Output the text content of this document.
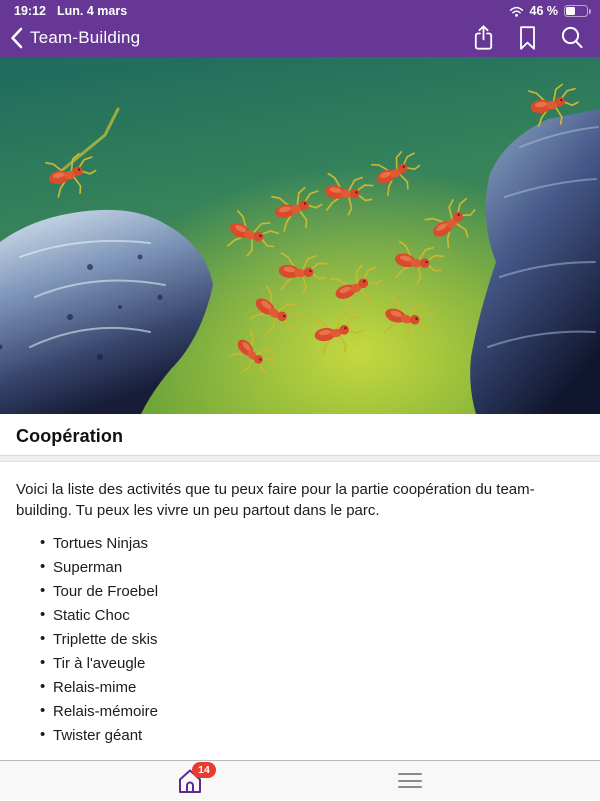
19:12 Lun. 4 mars	46 %
Team-Building
Coopération

Voici la liste des activités que tu peux faire pour la partie coopération du team-building. Tu peux les vivre un peu partout dans le parc.

• Tortues Ninjas
• Superman
• Tour de Froebel
• Static Choc
• Triplette de skis
• Tir à l'aveugle
• Relais-mime
• Relais-mémoire
• Twister géant
14
